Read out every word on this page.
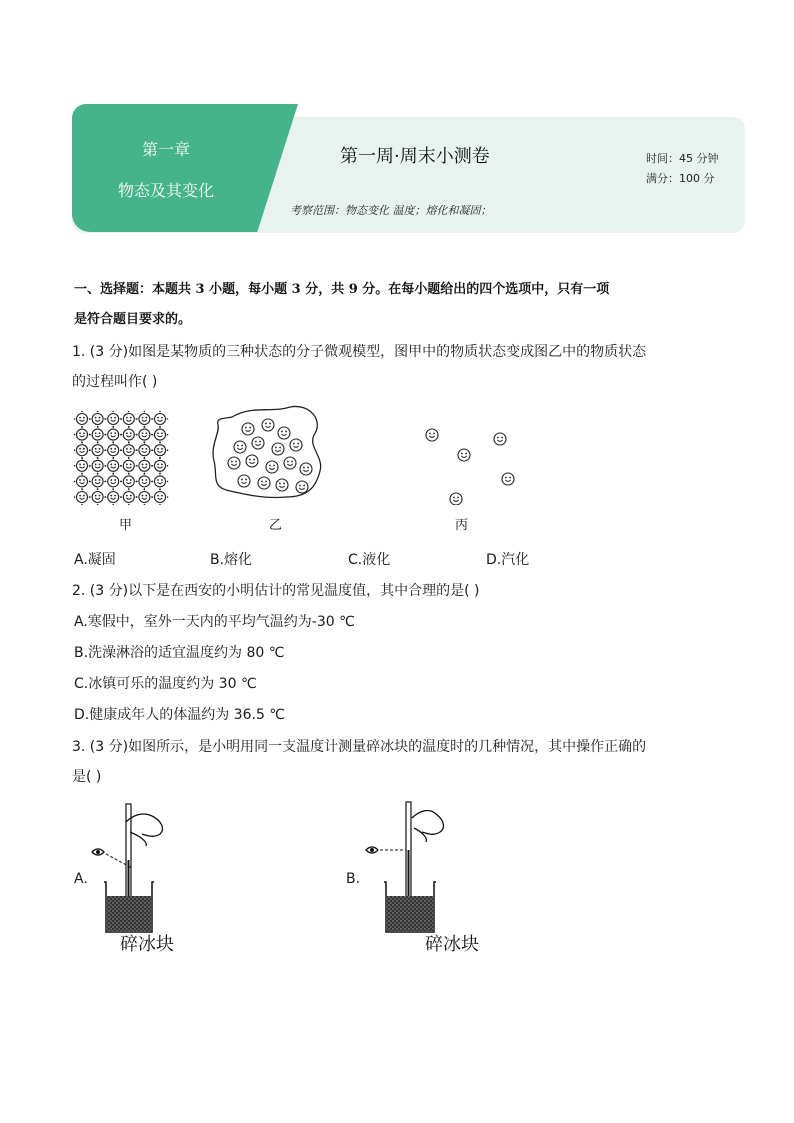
第一章
物态及其变化
第一周·周末小测卷	时间：45 分钟
满分：100 分
考察范围：物态变化 温度；熔化和凝固；
一、选择题：本题共 3 小题，每小题 3 分，共 9 分。在每小题给出的四个选项中，只有一项
是符合题目要求的。
1. (3 分)如图是某物质的三种状态的分子微观模型，图甲中的物质状态变成图乙中的物质状态
的过程叫作( )
甲	乙	丙
A.凝固	B.熔化	C.液化	D.汽化
2. (3 分)以下是在西安的小明估计的常见温度值，其中合理的是( )
A.寒假中，室外一天内的平均气温约为-30 ℃
B.洗澡淋浴的适宜温度约为 80 ℃
C.冰镇可乐的温度约为 30 ℃
D.健康成年人的体温约为 36.5 ℃
3. (3 分)如图所示，是小明用同一支温度计测量碎冰块的温度时的几种情况，其中操作正确的
是( )
A.
碎冰块
B.
碎冰块
